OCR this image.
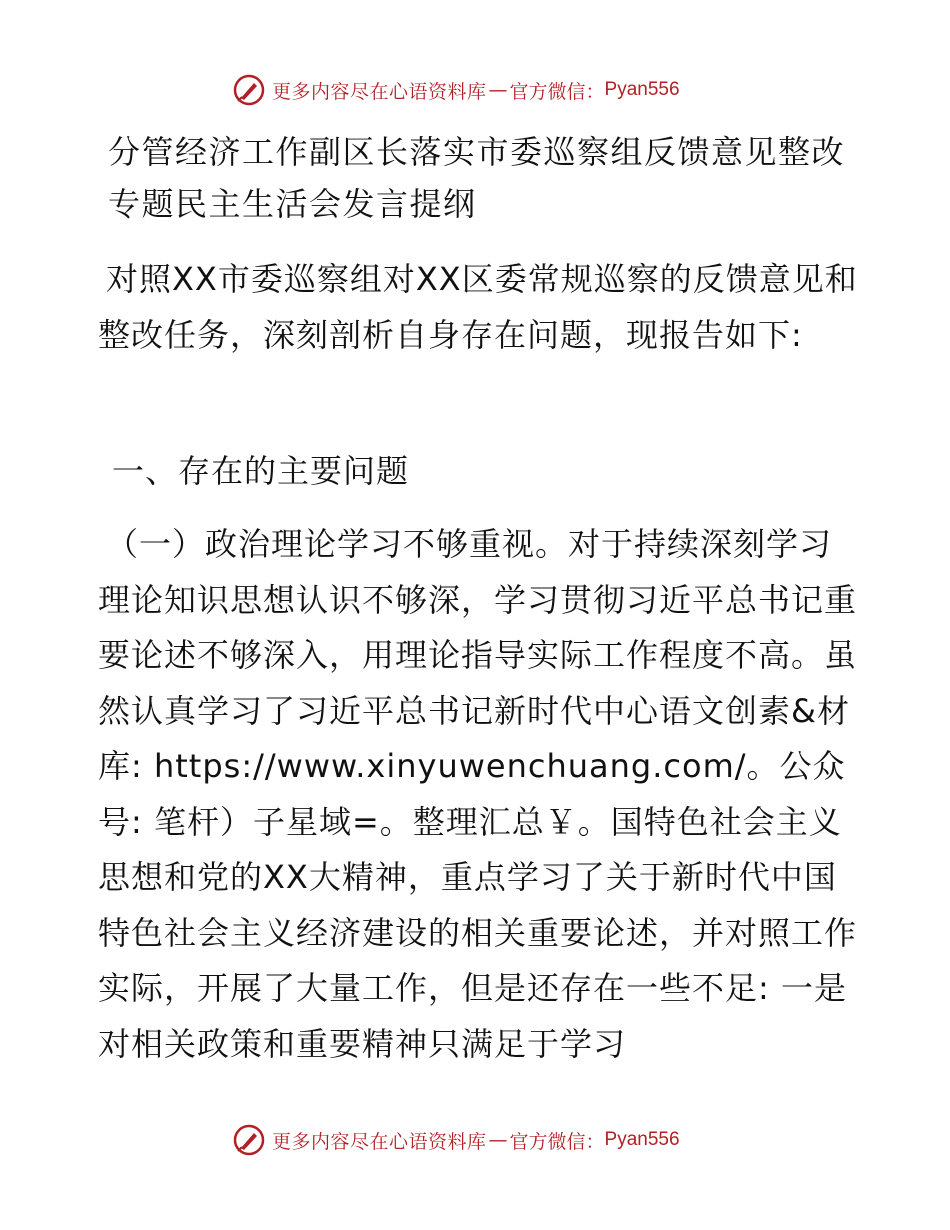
更多内容尽在心语资料库 — 官方微信： Pyan556
分管经济工作副区长落实市委巡察组反馈意见整改专题民主生活会发言提纲

对照XX市委巡察组对XX区委常规巡察的反馈意见和整改任务，深刻剖析自身存在问题，现报告如下:

一、存在的主要问题

（一）政治理论学习不够重视。对于持续深刻学习理论知识思想认识不够深，学习贯彻习近平总书记重要论述不够深入，用理论指导实际工作程度不高。虽然认真学习了习近平总书记新时代中心语文创素&材库: https://www.xinyuwenchuang.com/。公众号: 笔杆）子星域=。整理汇总￥。国特色社会主义思想和党的XX大精神，重点学习了关于新时代中国特色社会主义经济建设的相关重要论述，并对照工作实际，开展了大量工作，但是还存在一些不足: 一是对相关政策和重要精神只满足于学习

更多内容尽在心语资料库 — 官方微信： Pyan556
